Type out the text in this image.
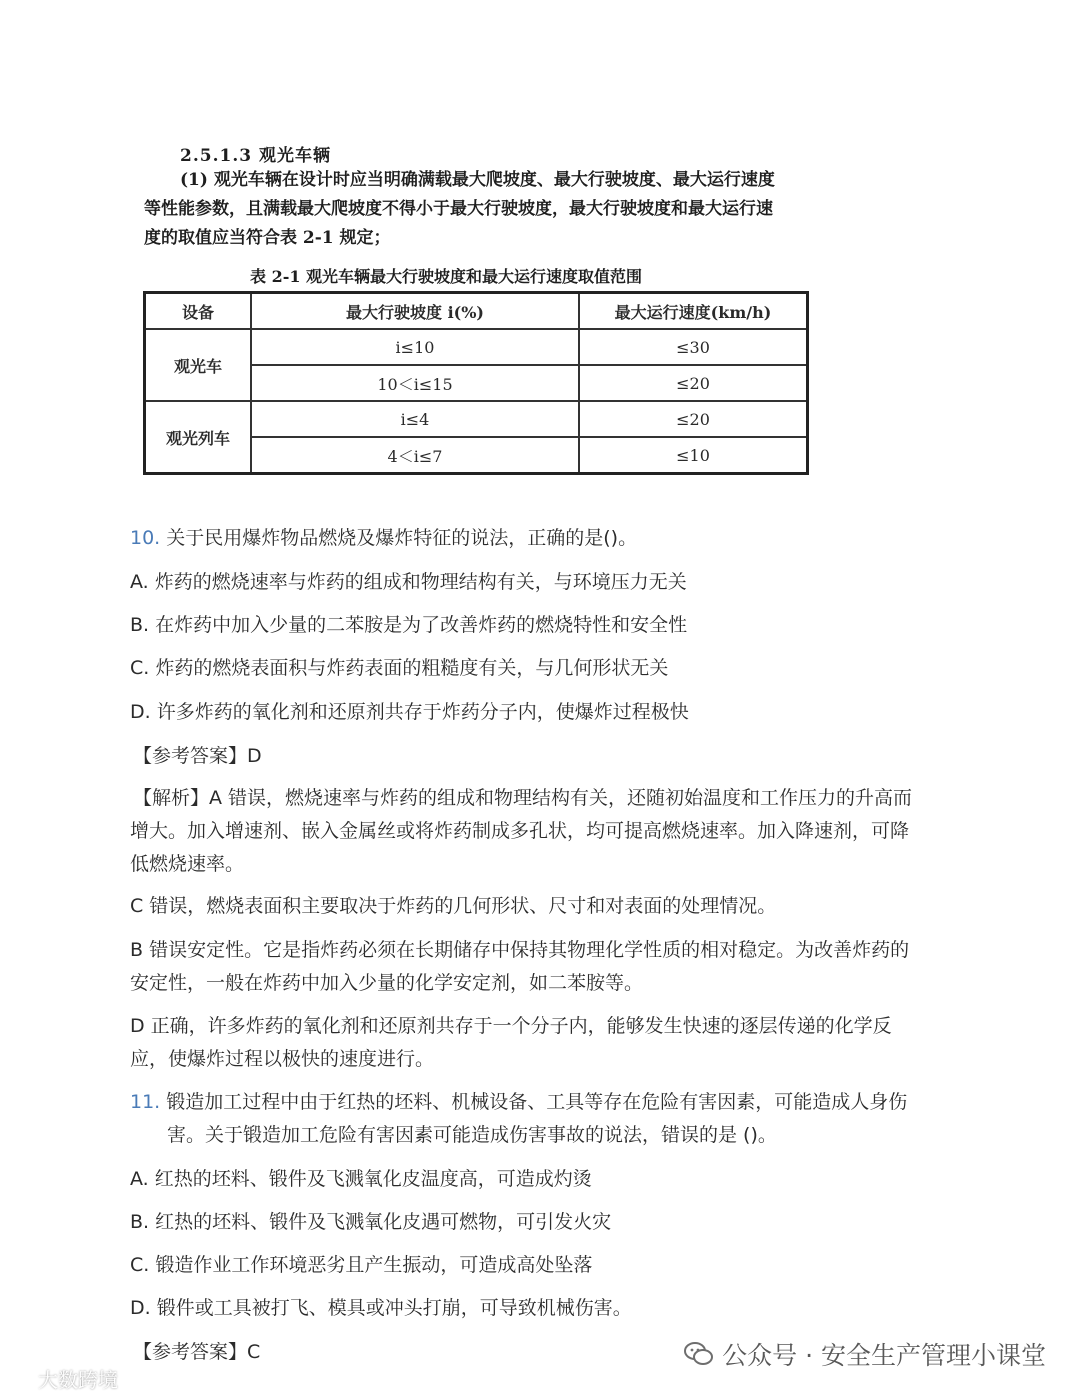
2.5.1.3 观光车辆

(1) 观光车辆在设计时应当明确满载最大爬坡度、最大行驶坡度、最大运行速度

等性能参数，且满载最大爬坡度不得小于最大行驶坡度，最大行驶坡度和最大运行速

度的取值应当符合表 2-1 规定；

表 2-1 观光车辆最大行驶坡度和最大运行速度取值范围
设备	最大行驶坡度 i(%)	最大运行速度(km/h)
观光车	i≤10	≤30
	10＜i≤15	≤20
观光列车	i≤4	≤20
	4＜i≤7	≤10
10. 关于民用爆炸物品燃烧及爆炸特征的说法，正确的是()。
A. 炸药的燃烧速率与炸药的组成和物理结构有关，与环境压力无关
B. 在炸药中加入少量的二苯胺是为了改善炸药的燃烧特性和安全性
C. 炸药的燃烧表面积与炸药表面的粗糙度有关，与几何形状无关
D. 许多炸药的氧化剂和还原剂共存于炸药分子内，使爆炸过程极快
【参考答案】D
【解析】A 错误，燃烧速率与炸药的组成和物理结构有关，还随初始温度和工作压力的升高而
增大。加入增速剂、嵌入金属丝或将炸药制成多孔状，均可提高燃烧速率。加入降速剂，可降
低燃烧速率。
C 错误，燃烧表面积主要取决于炸药的几何形状、尺寸和对表面的处理情况。
B 错误安定性。它是指炸药必须在长期储存中保持其物理化学性质的相对稳定。为改善炸药的
安定性，一般在炸药中加入少量的化学安定剂，如二苯胺等。
D 正确，许多炸药的氧化剂和还原剂共存于一个分子内，能够发生快速的逐层传递的化学反
应，使爆炸过程以极快的速度进行。
11. 锻造加工过程中由于红热的坯料、机械设备、工具等存在危险有害因素，可能造成人身伤
害。关于锻造加工危险有害因素可能造成伤害事故的说法，错误的是 ()。
A. 红热的坯料、锻件及飞溅氧化皮温度高，可造成灼烫
B. 红热的坯料、锻件及飞溅氧化皮遇可燃物，可引发火灾
C. 锻造作业工作环境恶劣且产生振动，可造成高处坠落
D. 锻件或工具被打飞、模具或冲头打崩，可导致机械伤害。
【参考答案】C	公众号 · 安全生产管理小课堂
大数跨境
